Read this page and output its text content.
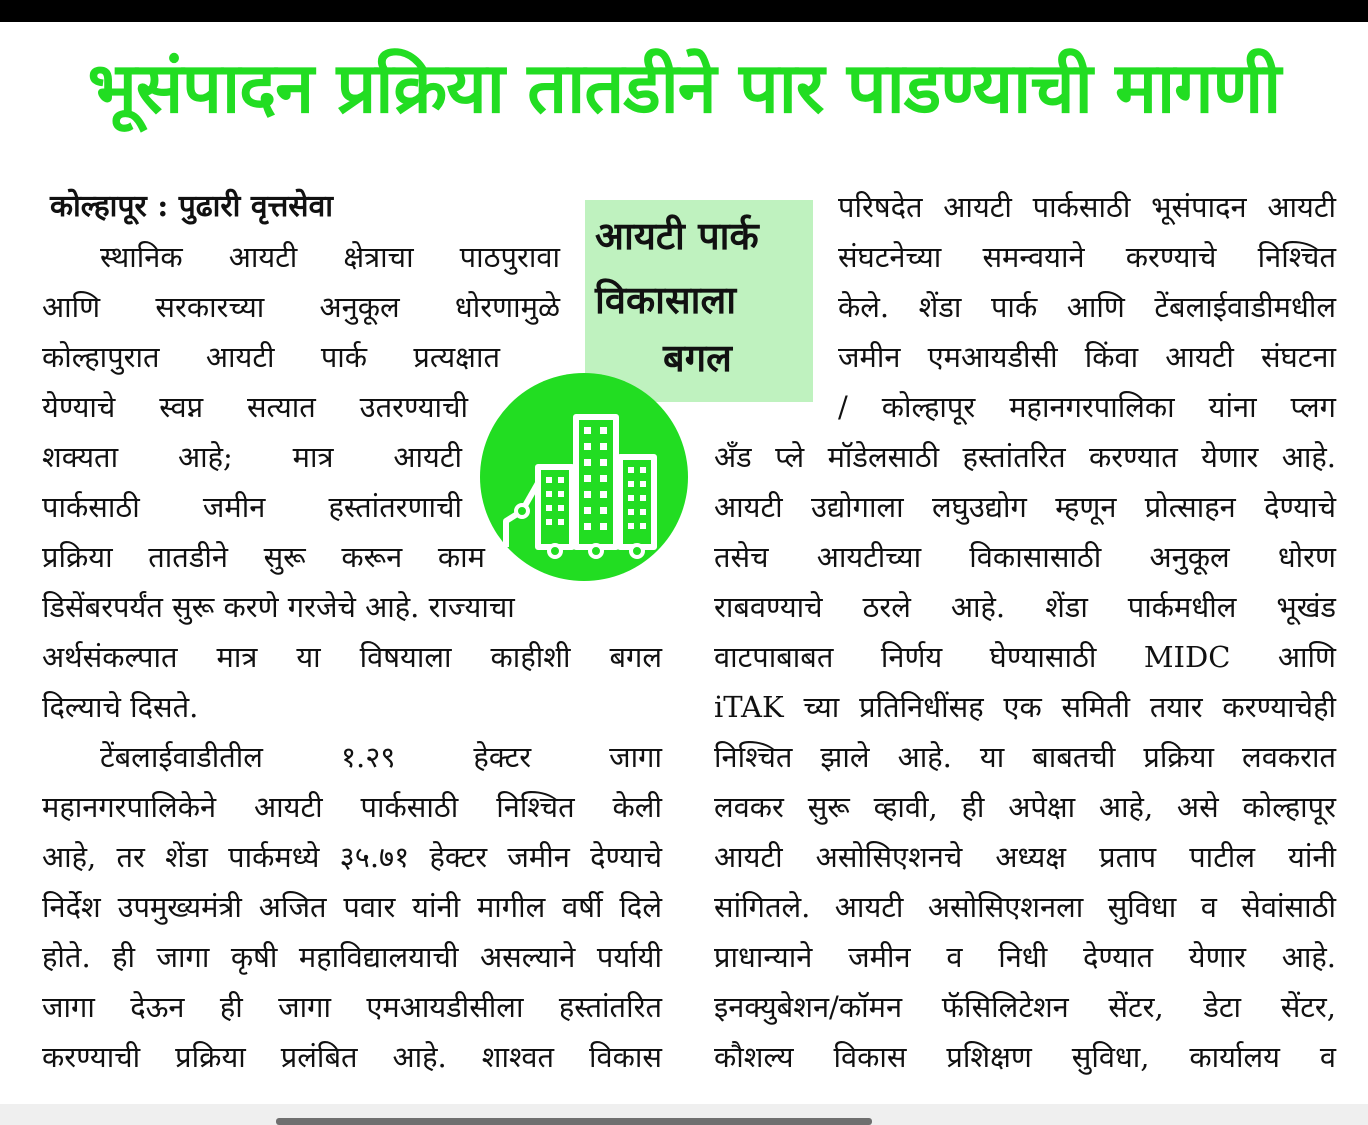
भूसंपादन प्रक्रिया तातडीने पार पाडण्याची मागणी
कोल्हापूर : पुढारी वृत्तसेवा
स्थानिक आयटी क्षेत्राचा पाठपुरावा
आणि सरकारच्या अनुकूल धोरणामुळे
कोल्हापुरात आयटी पार्क प्रत्यक्षात
येण्याचे स्वप्न सत्यात उतरण्याची
शक्यता आहे; मात्र आयटी
पार्कसाठी जमीन हस्तांतरणाची
प्रक्रिया तातडीने सुरू करून काम
डिसेंबरपर्यंत सुरू करणे गरजेचे आहे. राज्याचा
अर्थसंकल्पात मात्र या विषयाला काहीशी बगल
दिल्याचे दिसते.
टेंबलाईवाडीतील १.२९ हेक्टर जागा
महानगरपालिकेने आयटी पार्कसाठी निश्चित केली
आहे, तर शेंडा पार्कमध्ये ३५.७१ हेक्टर जमीन देण्याचे
निर्देश उपमुख्यमंत्री अजित पवार यांनी मागील वर्षी दिले
होते. ही जागा कृषी महाविद्यालयाची असल्याने पर्यायी
जागा देऊन ही जागा एमआयडीसीला हस्तांतरित
करण्याची प्रक्रिया प्रलंबित आहे. शाश्वत विकास
परिषदेत आयटी पार्कसाठी भूसंपादन आयटी
संघटनेच्या समन्वयाने करण्याचे निश्चित
केले. शेंडा पार्क आणि टेंबलाईवाडीमधील
जमीन एमआयडीसी किंवा आयटी संघटना
/ कोल्हापूर महानगरपालिका यांना प्लग
अँड प्ले मॉडेलसाठी हस्तांतरित करण्यात येणार आहे.
आयटी उद्योगाला लघुउद्योग म्हणून प्रोत्साहन देण्याचे
तसेच आयटीच्या विकासासाठी अनुकूल धोरण
राबवण्याचे ठरले आहे. शेंडा पार्कमधील भूखंड
वाटपाबाबत निर्णय घेण्यासाठी MIDC आणि
iTAK च्या प्रतिनिधींसह एक समिती तयार करण्याचेही
निश्चित झाले आहे. या बाबतची प्रक्रिया लवकरात
लवकर सुरू व्हावी, ही अपेक्षा आहे, असे कोल्हापूर
आयटी असोसिएशनचे अध्यक्ष प्रताप पाटील यांनी
सांगितले. आयटी असोसिएशनला सुविधा व सेवांसाठी
प्राधान्याने जमीन व निधी देण्यात येणार आहे.
इनक्युबेशन/कॉमन फॅसिलिटेशन सेंटर, डेटा सेंटर,
कौशल्य विकास प्रशिक्षण सुविधा, कार्यालय व
आयटी पार्क
विकासाला
बगल
